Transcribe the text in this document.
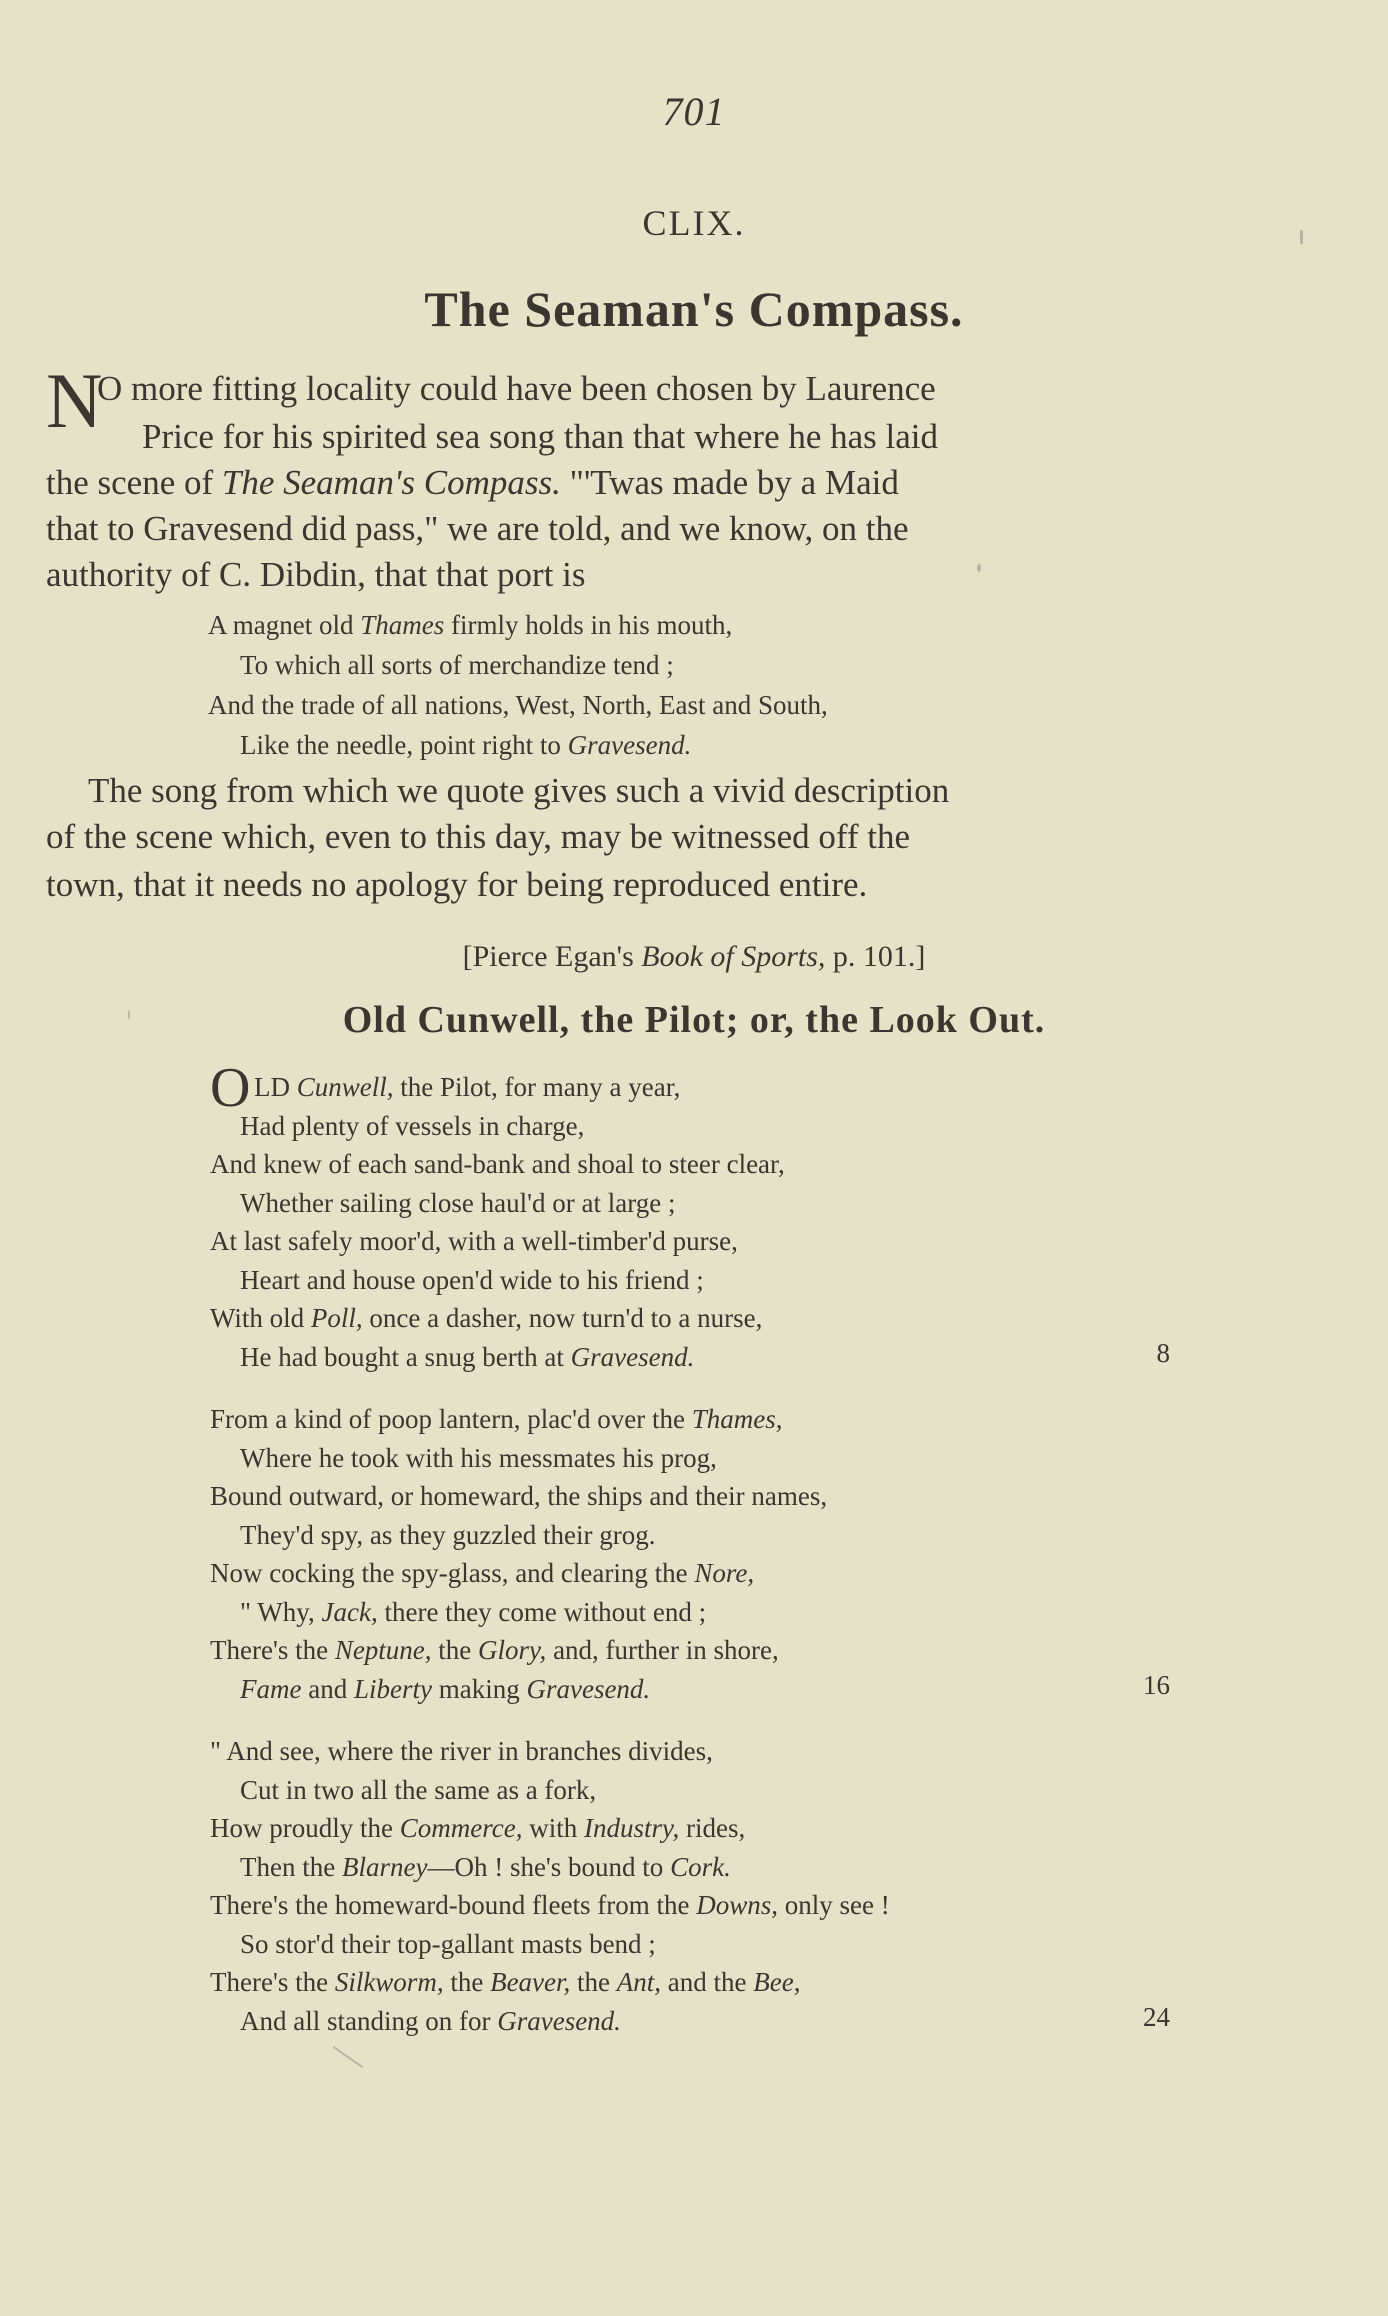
701
CLIX.
The Seaman's Compass.
N
O more fitting locality could have been chosen by Laurence
Price for his spirited sea song than that where he has laid
the scene of The Seaman's Compass. "'Twas made by a Maid
that to Gravesend did pass," we are told, and we know, on the
authority of C. Dibdin, that that port is
A magnet old Thames firmly holds in his mouth,
To which all sorts of merchandize tend ;
And the trade of all nations, West, North, East and South,
Like the needle, point right to Gravesend.
The song from which we quote gives such a vivid description
of the scene which, even to this day, may be witnessed off the
town, that it needs no apology for being reproduced entire.
[Pierce Egan's Book of Sports, p. 101.]
Old Cunwell, the Pilot; or, the Look Out.
O LD Cunwell, the Pilot, for many a year,
Had plenty of vessels in charge,
And knew of each sand-bank and shoal to steer clear,
Whether sailing close haul'd or at large ;
At last safely moor'd, with a well-timber'd purse,
Heart and house open'd wide to his friend ;
With old Poll, once a dasher, now turn'd to a nurse,
He had bought a snug berth at Gravesend.	8
From a kind of poop lantern, plac'd over the Thames,
Where he took with his messmates his prog,
Bound outward, or homeward, the ships and their names,
They'd spy, as they guzzled their grog.
Now cocking the spy-glass, and clearing the Nore,
" Why, Jack, there they come without end ;
There's the Neptune, the Glory, and, further in shore,
Fame and Liberty making Gravesend.	16
" And see, where the river in branches divides,
Cut in two all the same as a fork,
How proudly the Commerce, with Industry, rides,
Then the Blarney—Oh ! she's bound to Cork.
There's the homeward-bound fleets from the Downs, only see !
So stor'd their top-gallant masts bend ;
There's the Silkworm, the Beaver, the Ant, and the Bee,
And all standing on for Gravesend.	24
